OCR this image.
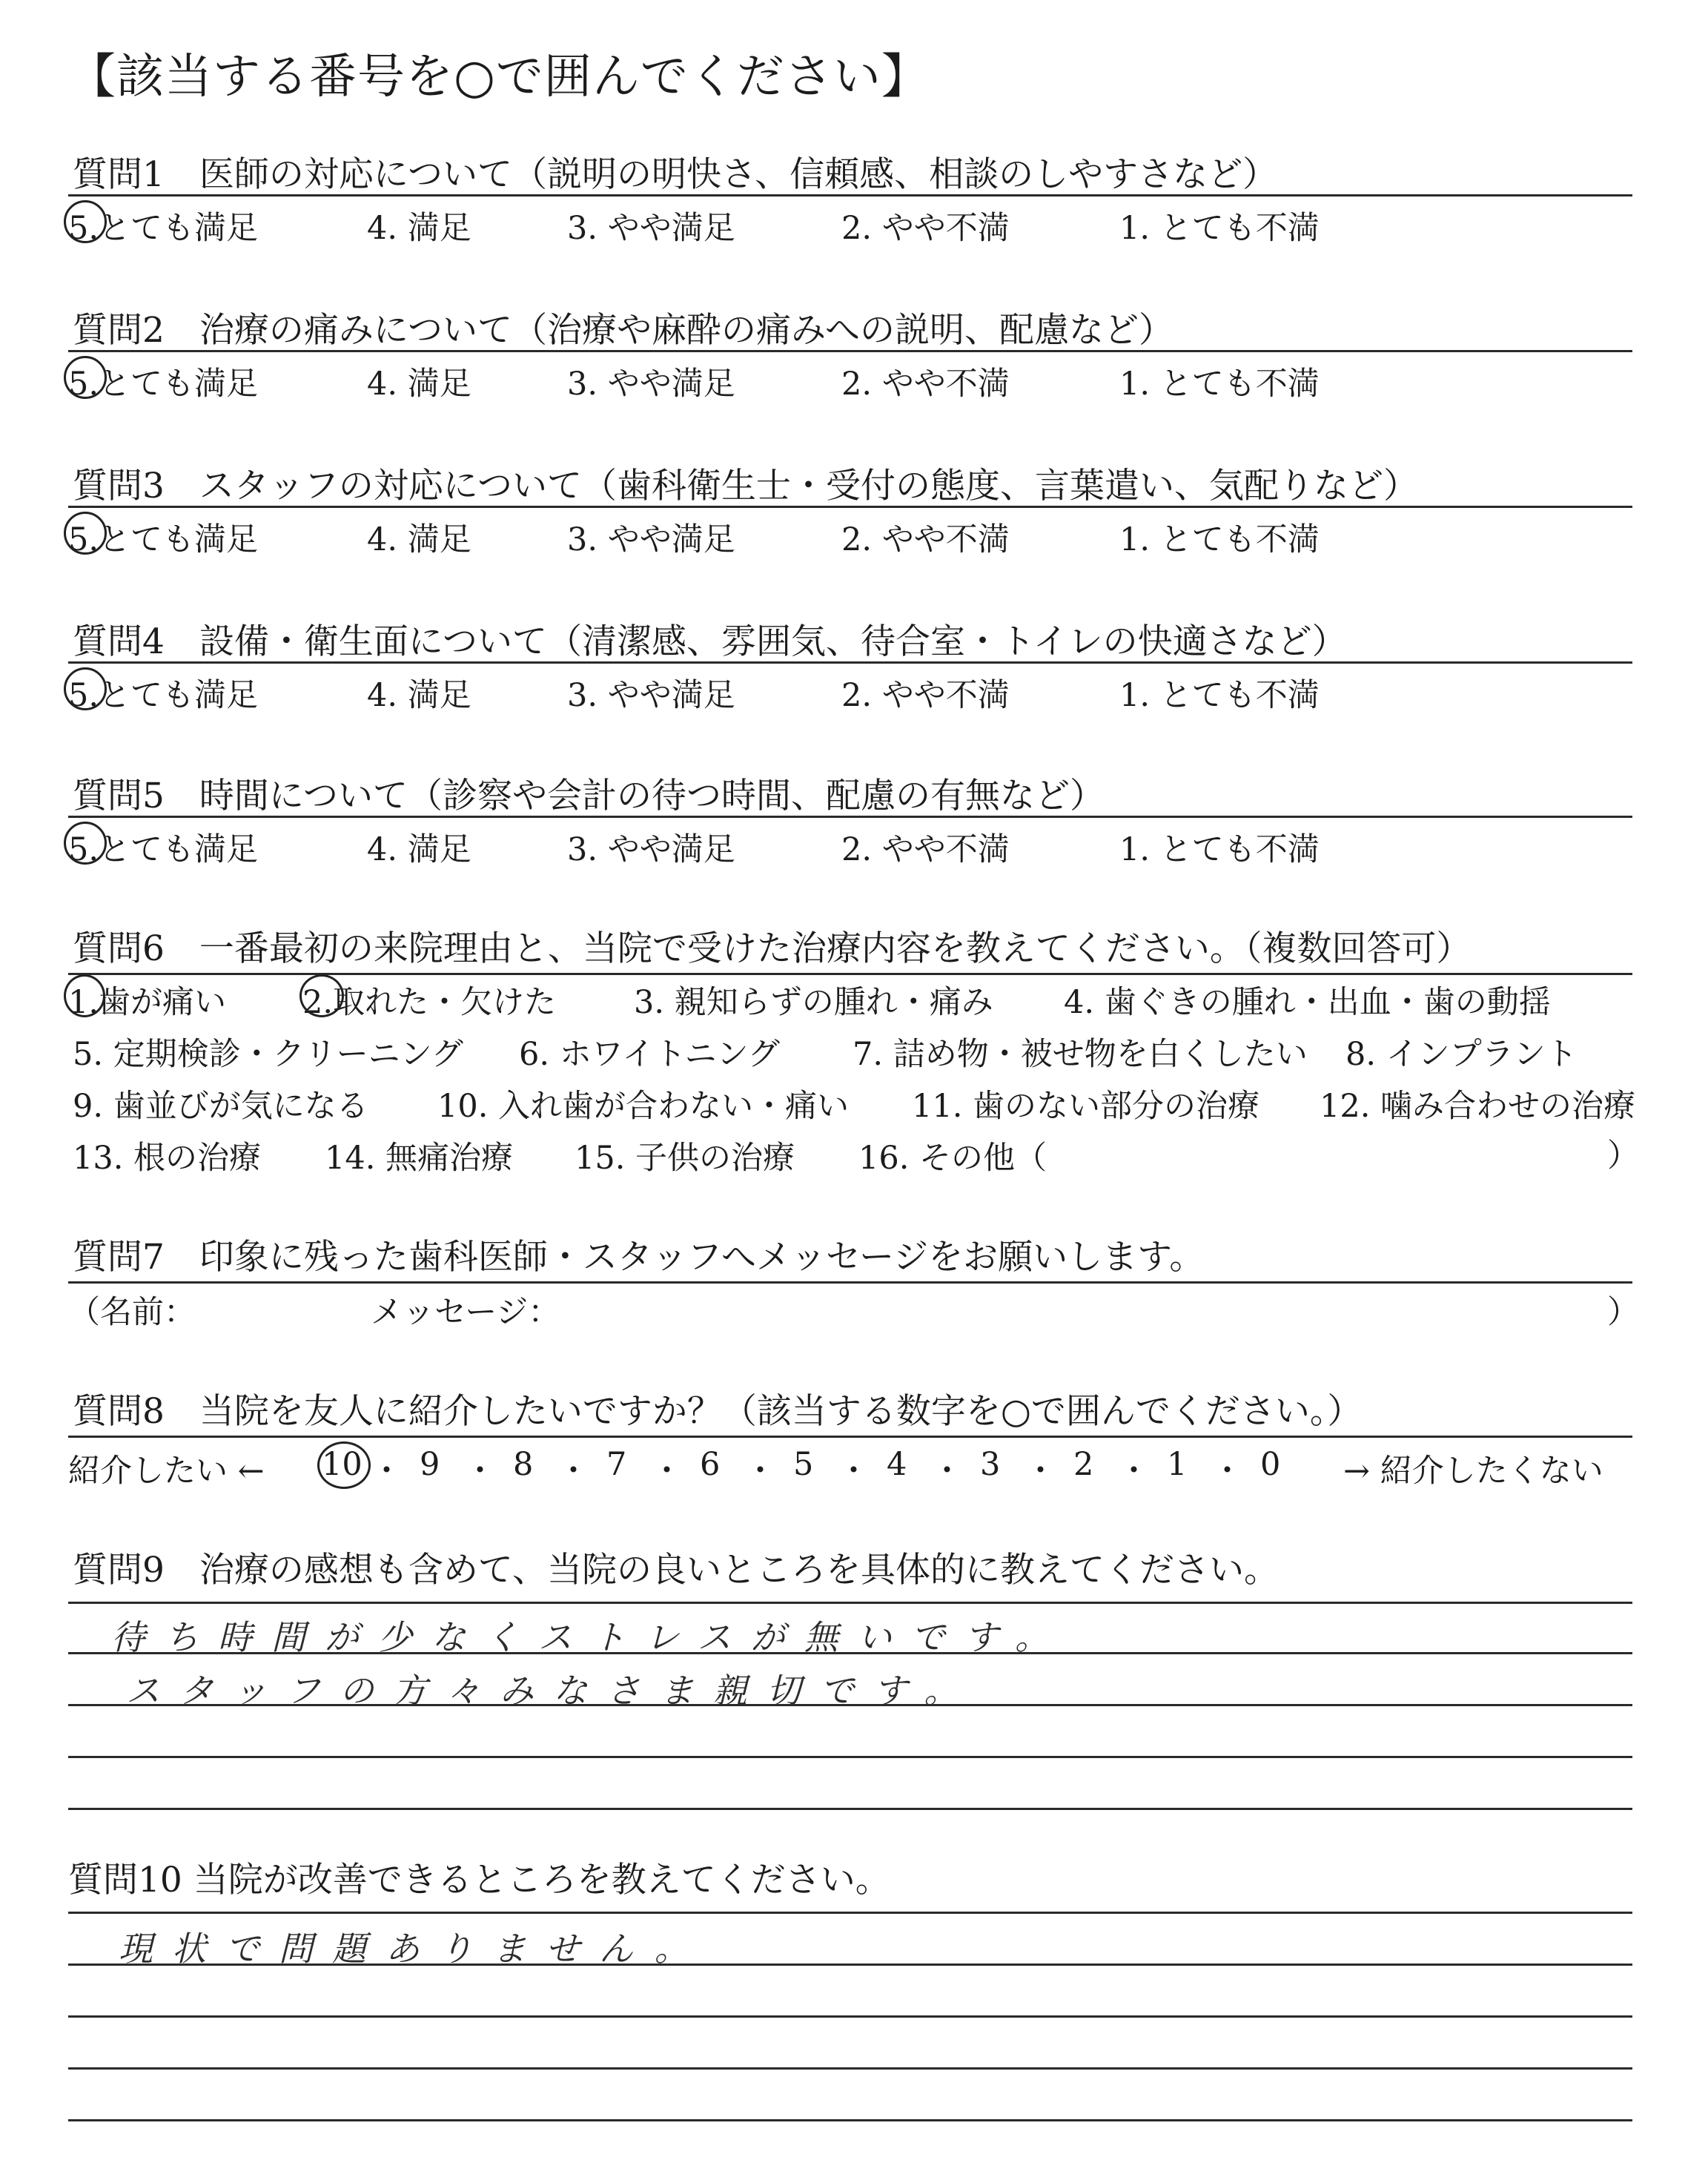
【該当する番号を○で囲んでください】
質問1　医師の対応について（説明の明快さ、信頼感、相談のしやすさなど）
5.とても満足	4. 満足	3. やや満足	2. やや不満	1. とても不満
質問2　治療の痛みについて（治療や麻酔の痛みへの説明、配慮など）
5.とても満足	4. 満足	3. やや満足	2. やや不満	1. とても不満
質問3　スタッフの対応について（歯科衛生士・受付の態度、言葉遣い、気配りなど）
5.とても満足	4. 満足	3. やや満足	2. やや不満	1. とても不満
質問4　設備・衛生面について（清潔感、雰囲気、待合室・トイレの快適さなど）
5.とても満足	4. 満足	3. やや満足	2. やや不満	1. とても不満
質問5　時間について（診察や会計の待つ時間、配慮の有無など）
5.とても満足	4. 満足	3. やや満足	2. やや不満	1. とても不満
質問6　一番最初の来院理由と、当院で受けた治療内容を教えてください。（複数回答可）
1.歯が痛い 2.取れた・欠けた 3. 親知らずの腫れ・痛み 4. 歯ぐきの腫れ・出血・歯の動揺
5. 定期検診・クリーニング 6. ホワイトニング 7. 詰め物・被せ物を白くしたい 8. インプラント
9. 歯並びが気になる 10. 入れ歯が合わない・痛い 11. 歯のない部分の治療 12. 噛み合わせの治療
13. 根の治療 14. 無痛治療 15. 子供の治療 16. その他（	）
質問7　印象に残った歯科医師・スタッフへメッセージをお願いします。
（名前：	メッセージ：	）
質問8　当院を友人に紹介したいですか？（該当する数字を○で囲んでください。）
紹介したい ←	→ 紹介したくない
10 ・ 9 ・ 8 ・ 7 ・ 6 ・ 5 ・ 4 ・ 3 ・ 2 ・ 1 ・ 0
質問9　治療の感想も含めて、当院の良いところを具体的に教えてください。
待ち時間が少なくストレスが無いです。
スタッフの方々みなさま親切です。
質問10 当院が改善できるところを教えてください。
現状で問題ありません。
